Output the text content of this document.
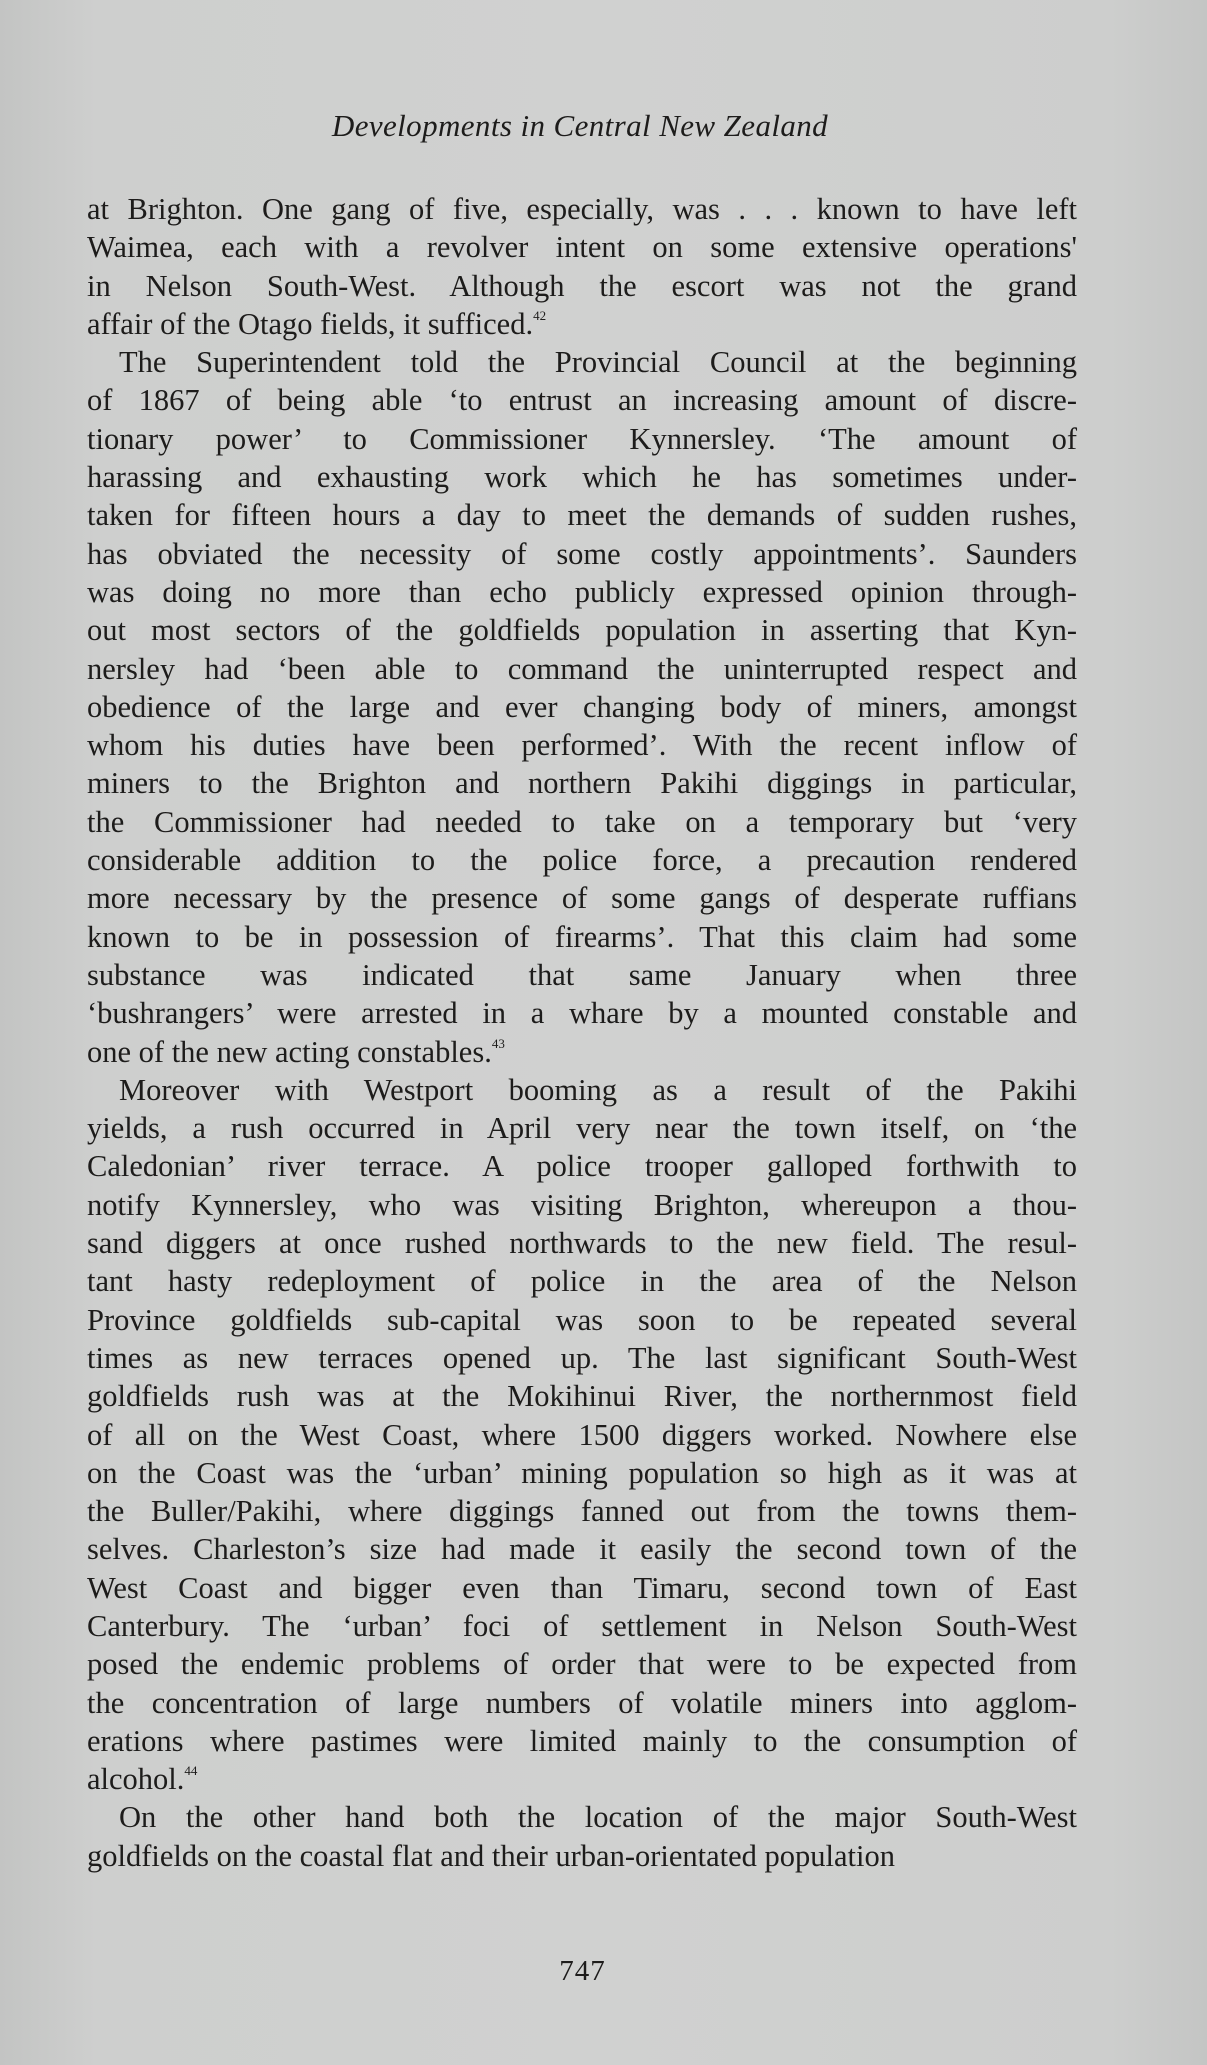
Developments in Central New Zealand
at Brighton. One gang of five, especially, was . . . known to have left
Waimea, each with a revolver intent on some extensive operations'
in Nelson South-West. Although the escort was not the grand
affair of the Otago fields, it sufficed.$^{42}$
The Superintendent told the Provincial Council at the beginning
of 1867 of being able ‘to entrust an increasing amount of discre-
tionary power’ to Commissioner Kynnersley. ‘The amount of
harassing and exhausting work which he has sometimes under-
taken for fifteen hours a day to meet the demands of sudden rushes,
has obviated the necessity of some costly appointments’. Saunders
was doing no more than echo publicly expressed opinion through-
out most sectors of the goldfields population in asserting that Kyn-
nersley had ‘been able to command the uninterrupted respect and
obedience of the large and ever changing body of miners, amongst
whom his duties have been performed’. With the recent inflow of
miners to the Brighton and northern Pakihi diggings in particular,
the Commissioner had needed to take on a temporary but ‘very
considerable addition to the police force, a precaution rendered
more necessary by the presence of some gangs of desperate ruffians
known to be in possession of firearms’. That this claim had some
substance was indicated that same January when three
‘bushrangers’ were arrested in a whare by a mounted constable and
one of the new acting constables.$^{43}$
Moreover with Westport booming as a result of the Pakihi
yields, a rush occurred in April very near the town itself, on ‘the
Caledonian’ river terrace. A police trooper galloped forthwith to
notify Kynnersley, who was visiting Brighton, whereupon a thou-
sand diggers at once rushed northwards to the new field. The resul-
tant hasty redeployment of police in the area of the Nelson
Province goldfields sub-capital was soon to be repeated several
times as new terraces opened up. The last significant South-West
goldfields rush was at the Mokihinui River, the northernmost field
of all on the West Coast, where 1500 diggers worked. Nowhere else
on the Coast was the ‘urban’ mining population so high as it was at
the Buller/Pakihi, where diggings fanned out from the towns them-
selves. Charleston’s size had made it easily the second town of the
West Coast and bigger even than Timaru, second town of East
Canterbury. The ‘urban’ foci of settlement in Nelson South-West
posed the endemic problems of order that were to be expected from
the concentration of large numbers of volatile miners into agglom-
erations where pastimes were limited mainly to the consumption of
alcohol.$^{44}$
On the other hand both the location of the major South-West
goldfields on the coastal flat and their urban-orientated population
747
